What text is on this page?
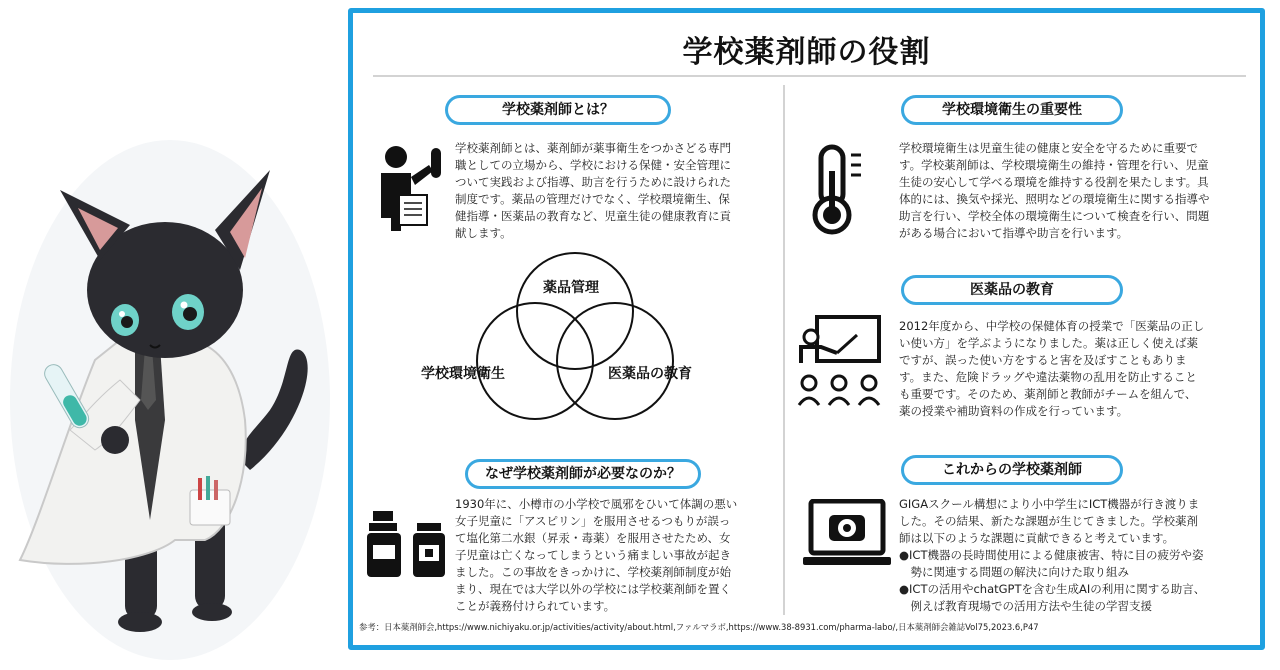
学校薬剤師の役割
学校薬剤師とは？
学校薬剤師とは、薬剤師が薬事衛生をつかさどる専門
職としての立場から、学校における保健・安全管理に
ついて実践および指導、助言を行うために設けられた
制度です。薬品の管理だけでなく、学校環境衛生、保
健指導・医薬品の教育など、児童生徒の健康教育に貢
献します。
薬品管理
学校環境衛生	医薬品の教育
なぜ学校薬剤師が必要なのか？
1930年に、小樽市の小学校で風邪をひいて体調の悪い
女子児童に「アスピリン」を服用させるつもりが誤っ
て塩化第二水銀（昇汞・毒薬）を服用させたため、女
子児童は亡くなってしまうという痛ましい事故が起き
ました。この事故をきっかけに、学校薬剤師制度が始
まり、現在では大学以外の学校には学校薬剤師を置く
ことが義務付けられています。
学校環境衛生の重要性
学校環境衛生は児童生徒の健康と安全を守るために重要で
す。学校薬剤師は、学校環境衛生の維持・管理を行い、児童
生徒の安心して学べる環境を維持する役割を果たします。具
体的には、換気や採光、照明などの環境衛生に関する指導や
助言を行い、学校全体の環境衛生について検査を行い、問題
がある場合において指導や助言を行います。
医薬品の教育
2012年度から、中学校の保健体育の授業で「医薬品の正し
い使い方」を学ぶようになりました。薬は正しく使えば薬
ですが、誤った使い方をすると害を及ぼすこともありま
す。また、危険ドラッグや違法薬物の乱用を防止すること
も重要です。そのため、薬剤師と教師がチームを組んで、
薬の授業や補助資料の作成を行っています。
これからの学校薬剤師
GIGAスクール構想により小中学生にICT機器が行き渡りま
した。その結果、新たな課題が生じてきました。学校薬剤
師は以下のような課題に貢献できると考えています。
●ICT機器の長時間使用による健康被害、特に目の疲労や姿
　勢に関連する問題の解決に向けた取り組み
●ICTの活用やchatGPTを含む生成AIの利用に関する助言、
　例えば教育現場での活用方法や生徒の学習支援
参考：日本薬剤師会,https://www.nichiyaku.or.jp/activities/activity/about.html,ファルマラボ,https://www.38-8931.com/pharma-labo/,日本薬剤師会雑誌Vol75,2023.6,P47
